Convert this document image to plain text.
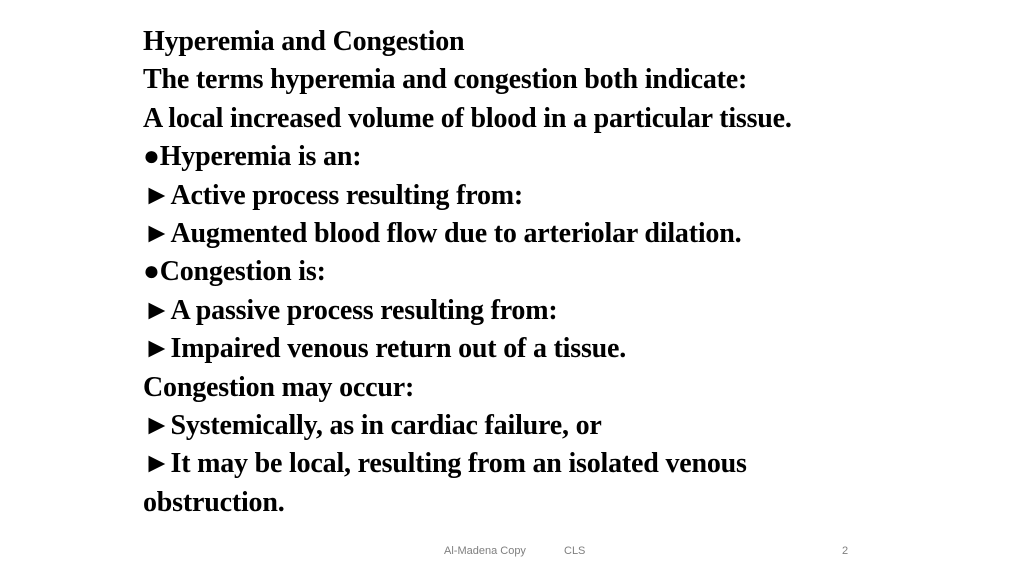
Hyperemia and Congestion
The terms hyperemia and congestion both indicate:
A local increased volume of blood in a particular tissue.
●Hyperemia is an:
►Active process resulting from:
►Augmented blood flow due to arteriolar dilation.
●Congestion is:
►A passive process resulting from:
►Impaired venous return out of a tissue.
Congestion may occur:
►Systemically, as in cardiac failure, or
►It may be local, resulting from an isolated venous obstruction.
Al-Madena Copy	CLS	2
